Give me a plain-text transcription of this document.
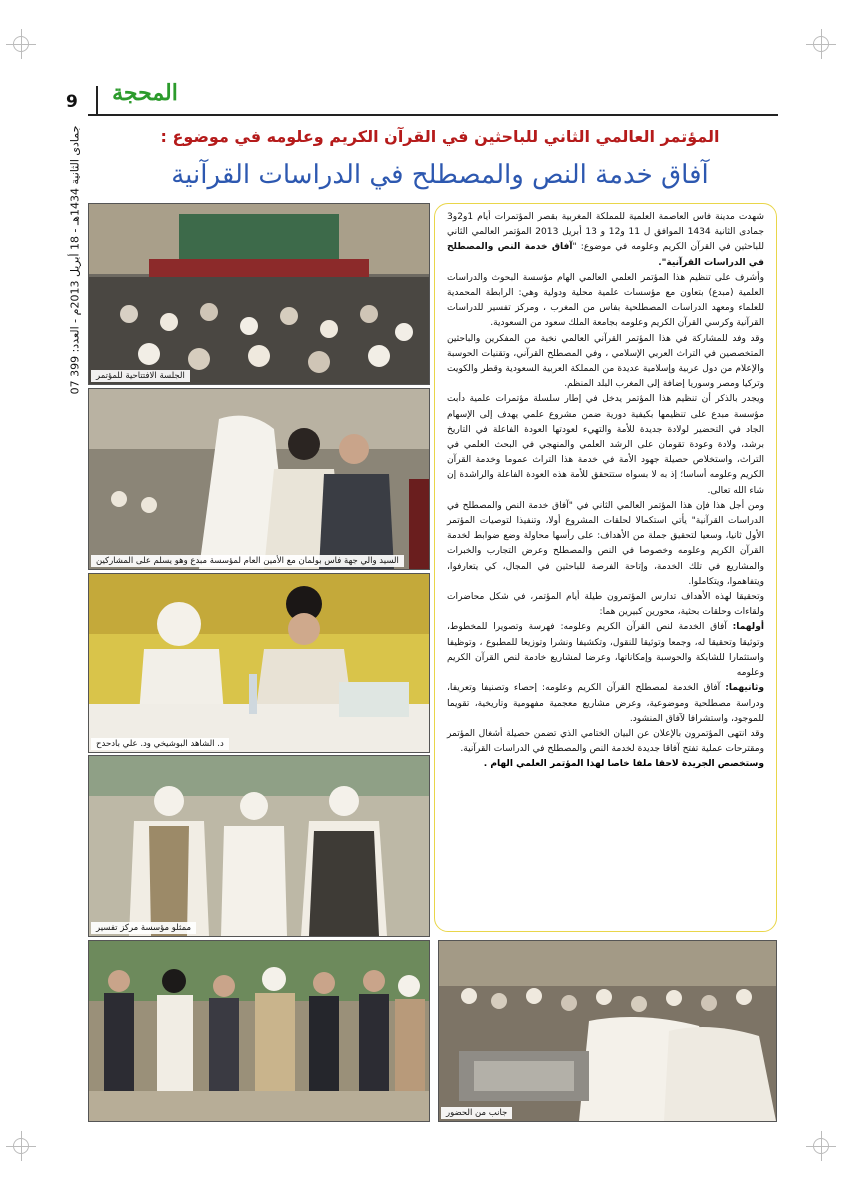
9	المحجة
07 جمادى الثانية 1434هـ - 18 أبريل 2013م - العدد: 399	المؤتمر العالمي الثاني للباحثين في القرآن الكريم وعلومه في موضوع :
آفاق خدمة النص والمصطلح في الدراسات القرآنية
الجلسة الافتتاحية للمؤتمر
السيد والي جهة فاس بولمان مع الأمين العام لمؤسسة مبدع وهو يسلم على المشاركين
د. الشاهد البوشيخي ود. علي بادحدح
ممثلو مؤسسة مركز تفسير
جانب من الحضور

شهدت مدينة فاس العاصمة العلمية للمملكة المغربية بقصر المؤتمرات أيام 1و2و3 جمادى الثانية 1434 الموافق ل 11 و12 و 13 أبريل 2013 المؤتمر العالمي الثاني للباحثين في القرآن الكريم وعلومه في موضوع: "آفاق خدمة النص والمصطلح في الدراسات القرآنية".

وأشرف على تنظيم هذا المؤتمر العلمي العالمي الهام مؤسسة البحوث والدراسات العلمية (مبدع) بتعاون مع مؤسسات علمية محلية ودولية وهي: الرابطة المحمدية للعلماء ومعهد الدراسات المصطلحية بفاس من المغرب ، ومركز تفسير للدراسات القرآنية وكرسي القرآن الكريم وعلومه بجامعة الملك سعود من السعودية.

وقد وفد للمشاركة في هذا المؤتمر القرآني العالمي نخبة من المفكرين والباحثين المتخصصين في التراث العربي الإسلامي ، وفي المصطلح القرآني، وتقنيات الحوسبة والإعلام من دول عربية وإسلامية عديدة من المملكة العربية السعودية وقطر والكويت وتركيا ومصر وسوريا إضافة إلى المغرب البلد المنظم.

ويجدر بالذكر أن تنظيم هذا المؤتمر يدخل في إطار سلسلة مؤتمرات علمية دأبت مؤسسة مبدع على تنظيمها بكيفية دورية ضمن مشروع علمي يهدف إلى الإسهام الجاد في التحضير لولادة جديدة للأمة والتهيء لعودتها العودة الفاعلة في التاريخ برشد، ولادة وعودة تقومان على الرشد العلمي والمنهجي في البحث العلمي في التراث، واستخلاص حصيلة جهود الأمة في خدمة هذا التراث عموما وخدمة القرآن الكريم وعلومه أساسا؛ إذ به لا بسواه ستتحقق للأمة هذه العودة الفاعلة والراشدة إن شاء الله تعالى.

ومن أجل هذا فإن هذا المؤتمر العالمي الثاني في "آفاق خدمة النص والمصطلح في الدراسات القرآنية" يأتي استكمالا لحلقات المشروع أولا، وتنفيذا لتوصيات المؤتمر الأول ثانيا، وسعيا لتحقيق جملة من الأهداف: على رأسها محاولة وضع ضوابط لخدمة القرآن الكريم وعلومه وخصوصا في النص والمصطلح وعرض التجارب والخبرات والمشاريع في تلك الخدمة، وإتاحة الفرصة للباحثين في المجال، كي يتعارفوا، ويتفاهموا، ويتكاملوا.

وتحقيقا لهذه الأهداف تدارس المؤتمرون طيلة أيام المؤتمر، في شكل محاضرات ولقاءات وحلقات بحثية، محورين كبيرين هما:

أولهما: آفاق الخدمة لنص القرآن الكريم وعلومه: فهرسة وتصويرا للمخطوط، وتوثيقا وتحقيقا له، وجمعا وتوثيقا للنقول، وتكشيفا ونشرا وتوزيعا للمطبوع ، وتوظيفا واستثمارا للشابكة والحوسبة وإمكاناتها، وعرضا لمشاريع خادمة لنص القرآن الكريم وعلومه

وثانيهما: آفاق الخدمة لمصطلح القرآن الكريم وعلومه: إحصاء وتصنيفا وتعريفا، ودراسة مصطلحية وموضوعية، وعرض مشاريع معجمية مفهومية وتاريخية، تقويما للموجود، واستشرافا لآفاق المنشود.

وقد انتهى المؤتمرون بالإعلان عن البيان الختامي الذي تضمن حصيلة أشغال المؤتمر ومقترحات عملية تفتح آفاقا جديدة لخدمة النص والمصطلح في الدراسات القرآنية.

وستخصص الجريدة لاحقا ملفا خاصا لهذا المؤتمر العلمي الهام .
